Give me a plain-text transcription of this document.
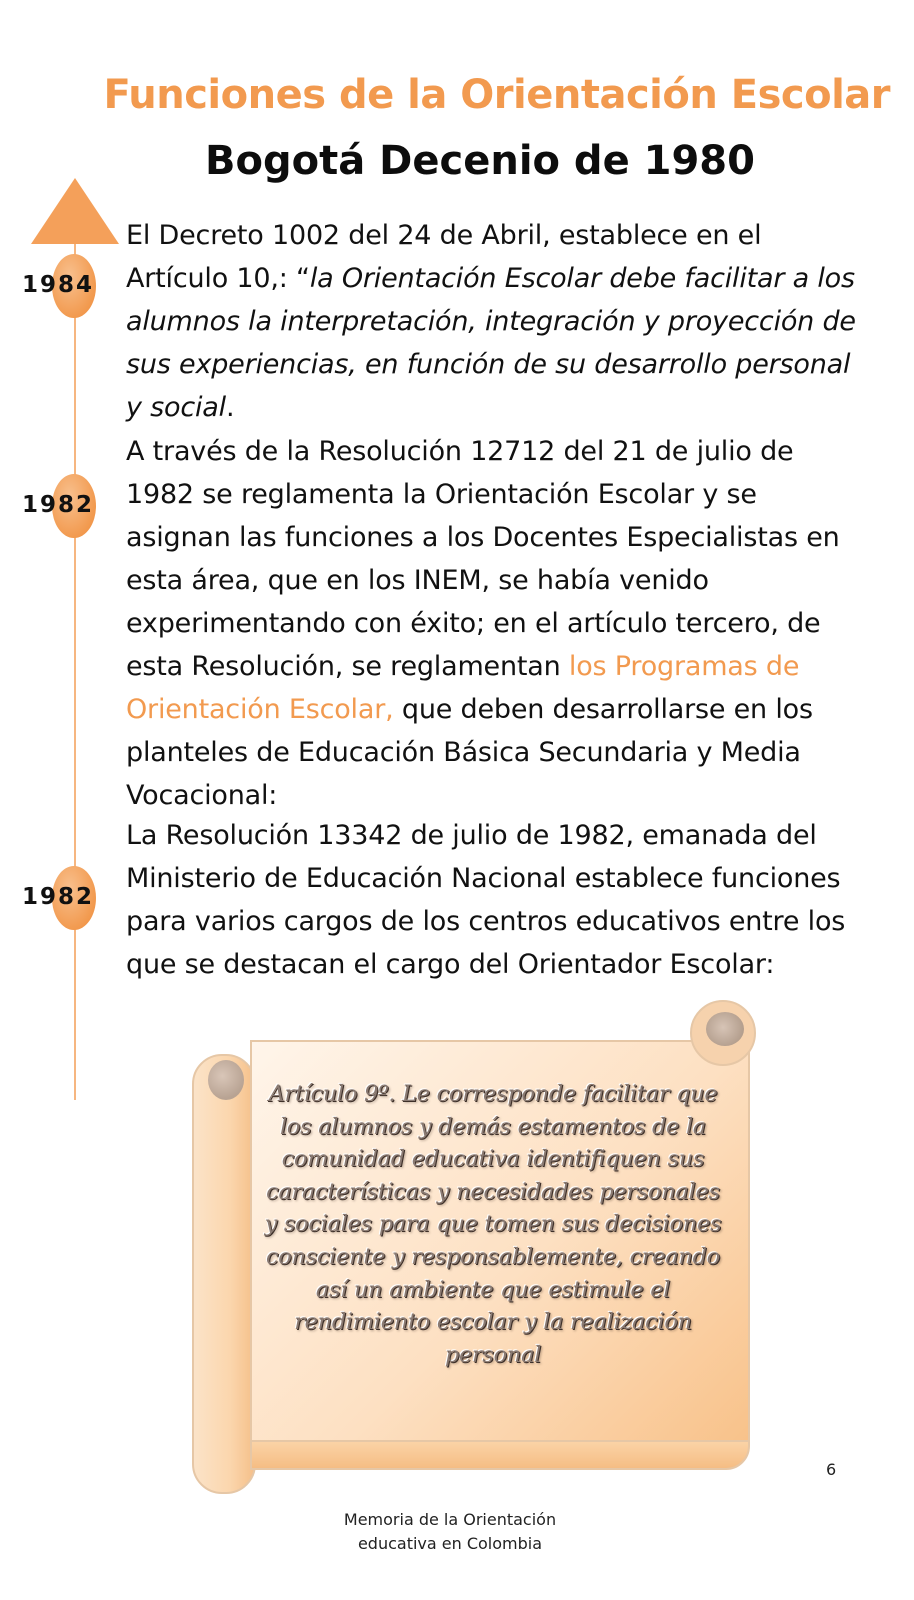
Funciones de la Orientación Escolar
Bogotá Decenio de 1980
1984
1982
1982
El Decreto 1002 del 24 de Abril, establece en el Artículo 10,: “la Orientación Escolar debe facilitar a los alumnos la interpretación, integración y proyección de sus experiencias, en función de su desarrollo personal y social.
A través de la Resolución 12712 del 21 de julio de 1982 se reglamenta la Orientación Escolar y se asignan las funciones a los Docentes Especialistas en esta área, que en los INEM, se había venido experimentando con éxito; en el artículo tercero, de esta Resolución, se reglamentan los Programas de Orientación Escolar, que deben desarrollarse en los planteles de Educación Básica Secundaria y Media Vocacional:
La Resolución 13342 de julio de 1982, emanada del Ministerio de Educación Nacional establece funciones para varios cargos de los centros educativos entre los que se destacan el cargo del Orientador Escolar:
Artículo 9º. Le corresponde facilitar que los alumnos y demás estamentos de la comunidad educativa identifiquen sus características y necesidades personales y sociales para que tomen sus decisiones consciente y responsablemente, creando así un ambiente que estimule el rendimiento escolar y la realización personal
6
Memoria de la Orientación
educativa en Colombia
